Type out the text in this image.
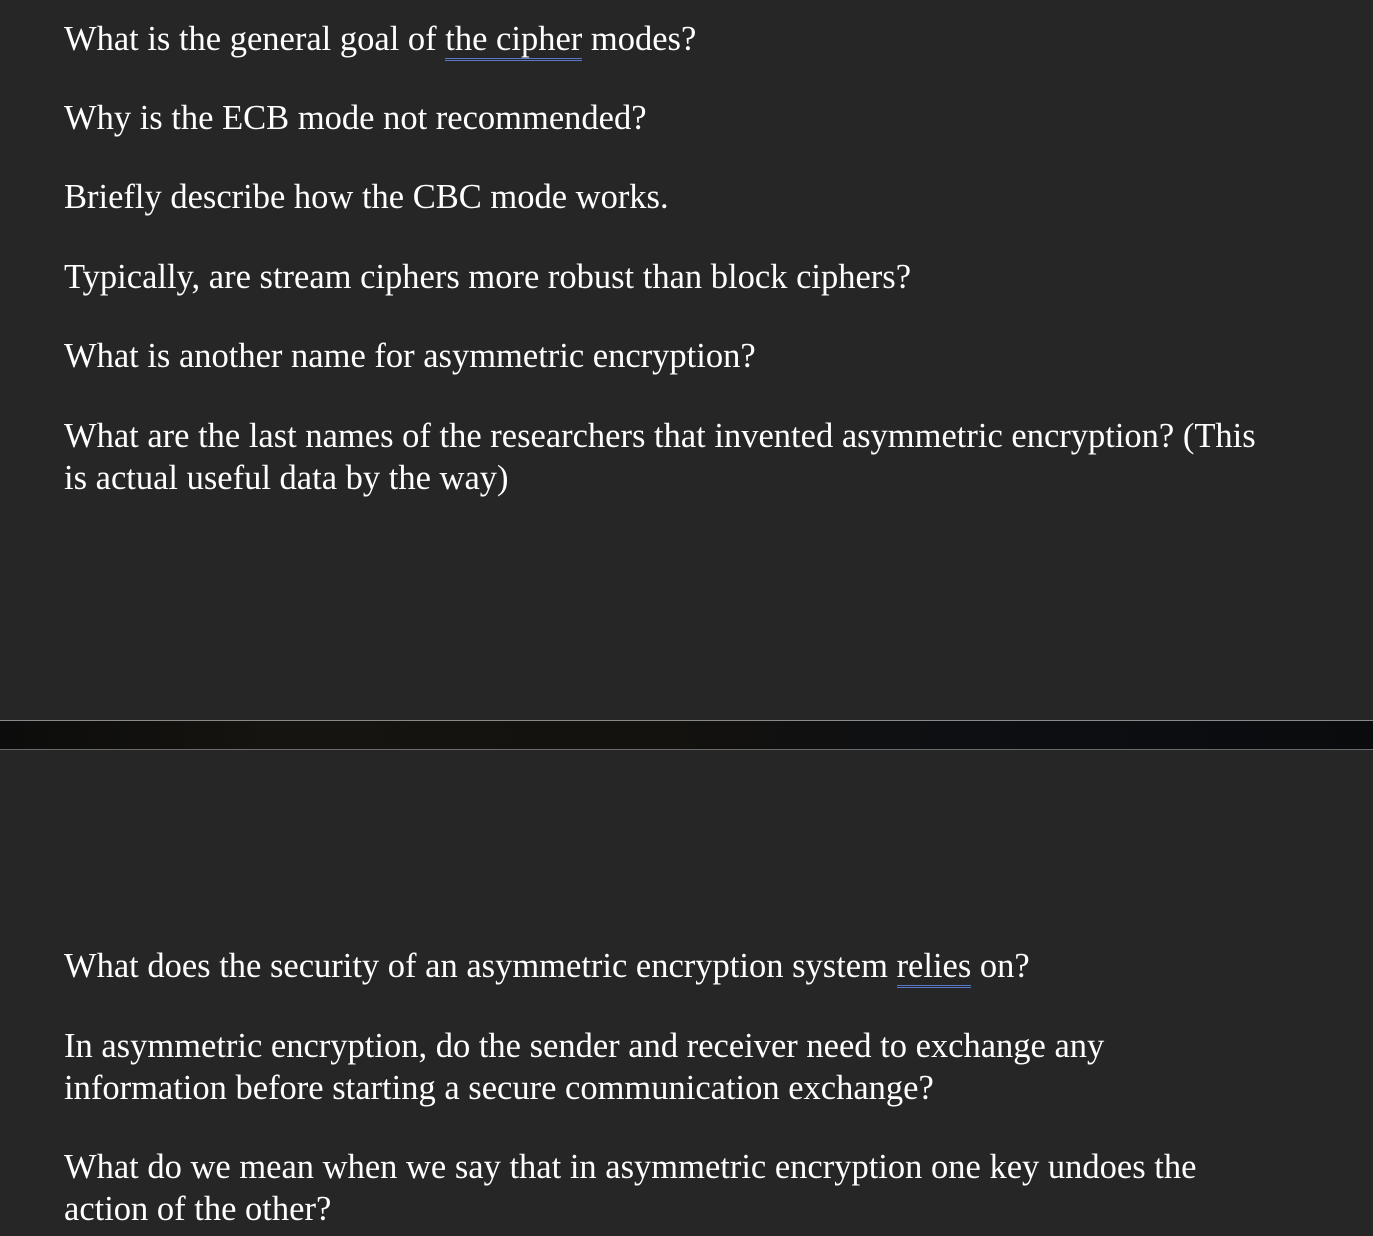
What is the general goal of the cipher modes?

Why is the ECB mode not recommended?

Briefly describe how the CBC mode works.

Typically, are stream ciphers more robust than block ciphers?

What is another name for asymmetric encryption?

What are the last names of the researchers that invented asymmetric encryption? (This
is actual useful data by the way)

What does the security of an asymmetric encryption system relies on?

In asymmetric encryption, do the sender and receiver need to exchange any
information before starting a secure communication exchange?
What do we mean when we say that in asymmetric encryption one key undoes the
action of the other?
